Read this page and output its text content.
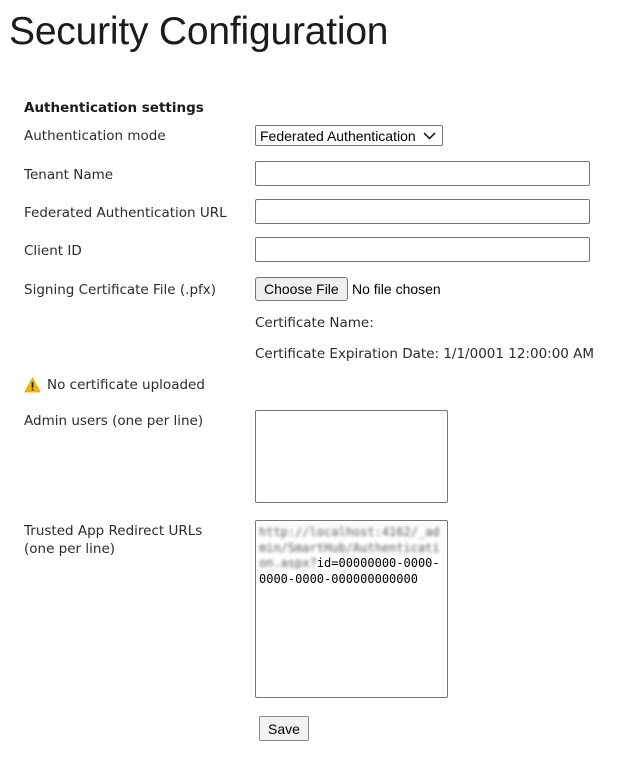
Security Configuration
Authentication settings
Authentication mode	Federated Authentication
Tenant Name
Federated Authentication URL
Client ID
Signing Certificate File (.pfx)	Choose File No file chosen
Certificate Name:
Certificate Expiration Date: 1/1/0001 12:00:00 AM
No certificate uploaded
Admin users (one per line)
Trusted App Redirect URLs (one per line)
http://localhost:4162/_admin/SmartHub/Authentication.aspx?id=00000000-0000-0000-0000-000000000000
Save
